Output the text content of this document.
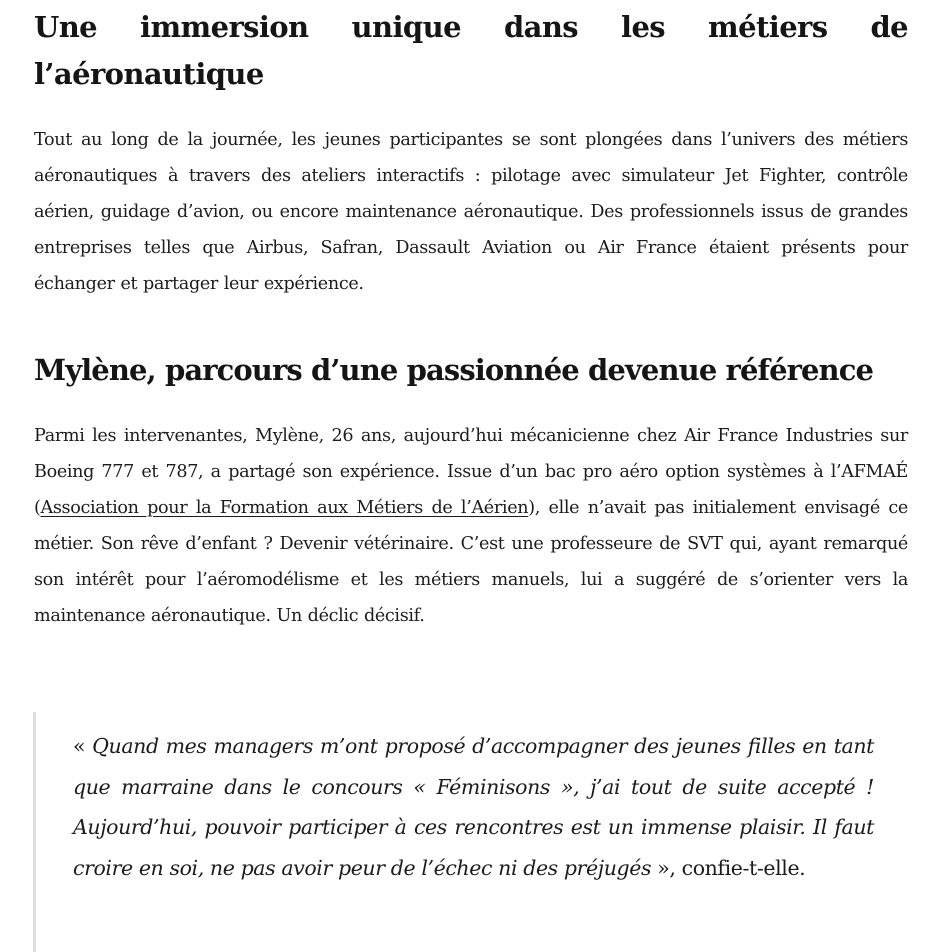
Une immersion unique dans les métiers de
l’aéronautique

Tout au long de la journée, les jeunes participantes se sont plongées dans l’univers des métiers aéronautiques à travers des ateliers interactifs : pilotage avec simulateur Jet Fighter, contrôle aérien, guidage d’avion, ou encore maintenance aéronautique. Des professionnels issus de grandes entreprises telles que Airbus, Safran, Dassault Aviation ou Air France étaient présents pour échanger et partager leur expérience.

Mylène, parcours d’une passionnée devenue référence

Parmi les intervenantes, Mylène, 26 ans, aujourd’hui mécanicienne chez Air France Industries sur Boeing 777 et 787, a partagé son expérience. Issue d’un bac pro aéro option systèmes à l’AFMAÉ (Association pour la Formation aux Métiers de l’Aérien), elle n’avait pas initialement envisagé ce métier. Son rêve d’enfant ? Devenir vétérinaire. C’est une professeure de SVT qui, ayant remarqué son intérêt pour l’aéromodélisme et les métiers manuels, lui a suggéré de s’orienter vers la maintenance aéronautique. Un déclic décisif.

« Quand mes managers m’ont proposé d’accompagner des jeunes filles en tant que marraine dans le concours « Féminisons », j’ai tout de suite accepté ! Aujourd’hui, pouvoir participer à ces rencontres est un immense plaisir. Il faut croire en soi, ne pas avoir peur de l’échec ni des préjugés », confie-t-elle.
